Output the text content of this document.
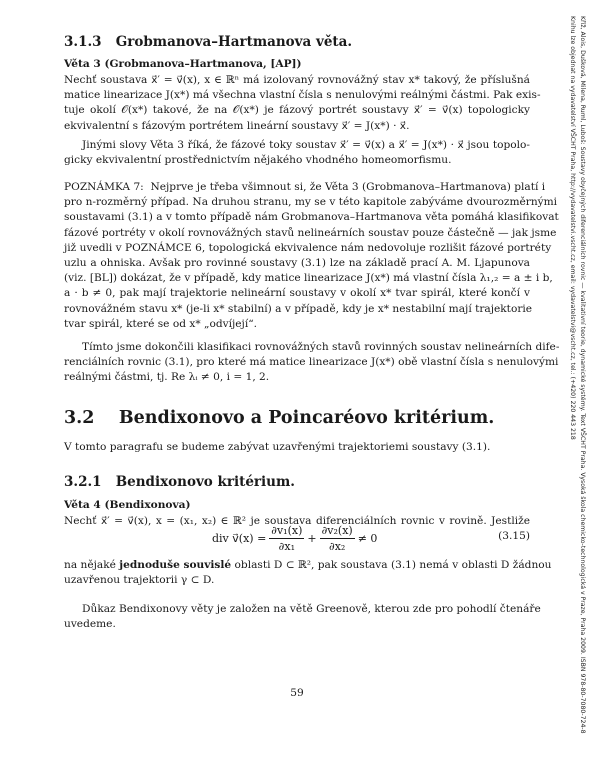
3.1.3 Grobmanova–Hartmanova věta.
Věta 3 (Grobmanova–Hartmanova, [AP])
Nechť soustava x⃗′ = v⃗(x), x ∈ ℝⁿ má izolovaný rovnovážný stav x* takový, že příslušná
matice linearizace J(x*) má všechna vlastní čísla s nenulovými reálnými částmi. Pak exis-
tuje okolí 𝒪(x*) takové, že na 𝒪(x*) je fázový portrét soustavy x⃗′ = v⃗(x) topologicky
ekvivalentní s fázovým portrétem lineární soustavy x⃗′ = J(x*) · x⃗.
Jinými slovy Věta 3 říká, že fázové toky soustav x⃗′ = v⃗(x) a x⃗′ = J(x*) · x⃗ jsou topolo-
gicky ekvivalentní prostřednictvím nějakého vhodného homeomorfismu.
POZNÁMKA 7:  Nejprve je třeba všimnout si, že Věta 3 (Grobmanova–Hartmanova) platí i
pro n-rozměrný případ. Na druhou stranu, my se v této kapitole zabýváme dvourozměrnými
soustavami (3.1) a v tomto případě nám Grobmanova–Hartmanova věta pomáhá klasifikovat
fázové portréty v okolí rovnovážných stavů nelineárních soustav pouze částečně — jak jsme
již uvedli v POZNÁMCE 6, topologická ekvivalence nám nedovoluje rozlišit fázové portréty
uzlu a ohniska. Avšak pro rovinné soustavy (3.1) lze na základě prací A. M. Ljapunova
(viz. [BL]) dokázat, že v případě, kdy matice linearizace J(x*) má vlastní čísla λ₁,₂ = a ± i b,
a · b ≠ 0, pak mají trajektorie nelineární soustavy v okolí x* tvar spirál, které končí v
rovnovážném stavu x* (je-li x* stabilní) a v případě, kdy je x* nestabilní mají trajektorie
tvar spirál, které se od x* „odvíjejí“.
Tímto jsme dokončili klasifikaci rovnovážných stavů rovinných soustav nelineárních dife-
renciálních rovnic (3.1), pro které má matice linearizace J(x*) obě vlastní čísla s nenulovými
reálnými částmi, tj. Re λᵢ ≠ 0, i = 1, 2.
3.2 Bendixonovo a Poincaréovo kritérium.
V tomto paragrafu se budeme zabývat uzavřenými trajektoriemi soustavy (3.1).
3.2.1 Bendixonovo kritérium.
Věta 4 (Bendixonova)
Nechť x⃗′ = v⃗(x), x = (x₁, x₂) ∈ ℝ² je soustava diferenciálních rovnic v rovině. Jestliže
div v⃗(x) = $\frac{\text{∂v₁(x)}}{\text{∂x₁}} + \frac{\text{∂v₂(x)}}{\text{∂x₂}} \ne 0$	(3.15)
na nějaké jednoduše souvislé oblasti D ⊂ ℝ², pak soustava (3.1) nemá v oblasti D žádnou
uzavřenou trajektorii γ ⊂ D.
Důkaz Bendixonovy věty je založen na větě Greenově, kterou zde pro pohodlí čtenáře
uvedeme.
59	Kříž, Alois, Dušková, Milena, Ruml, Luboš: Soustavy obyčejných diferenciálních rovnic — kvalitativní teorie, dynamické systémy. Text VŠCHT Praha. Vysoká škola chemicko-technologická v Praze, Praha 2009. ISBN 978-80-7080-724-8
Knihu lze objednat na vydavatelství VŠCHT Praha, http://vydavatelstvi.vscht.cz, email: vydavatelstvi@vscht.cz, tel.: (+420) 220 443 218
